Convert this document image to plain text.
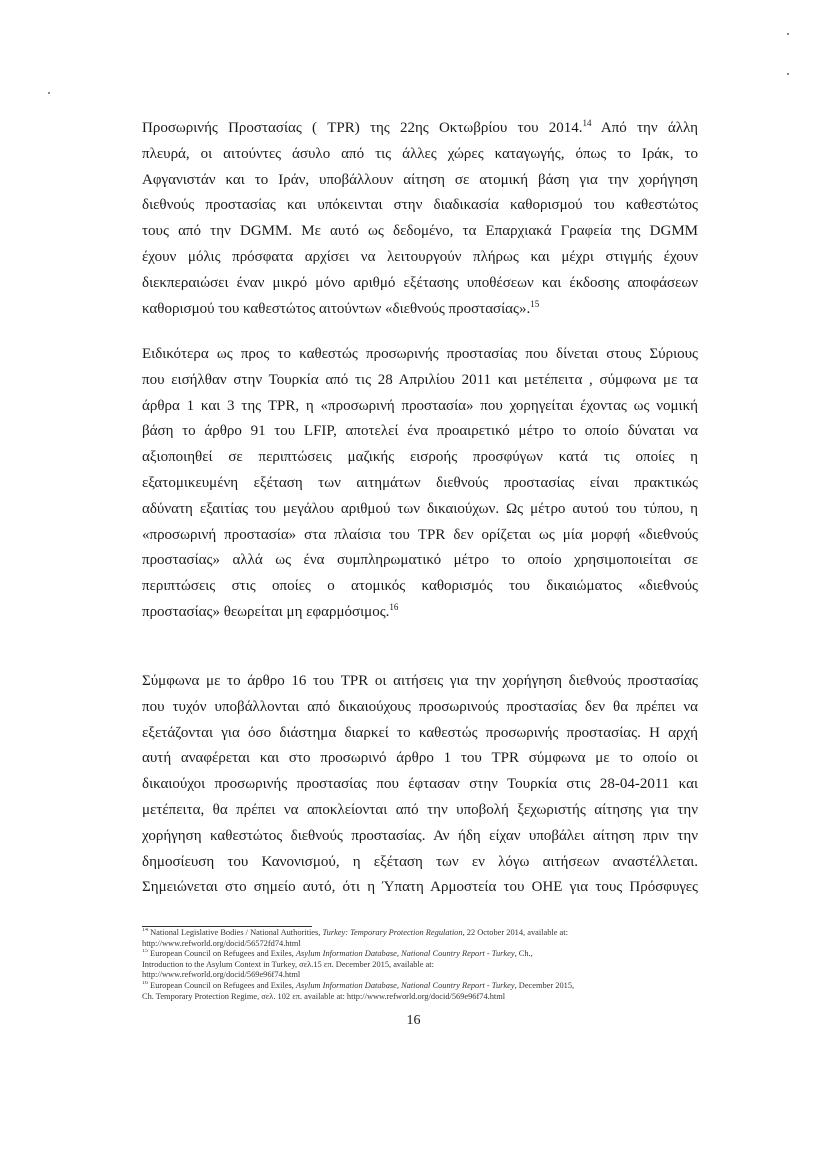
Προσωρινής Προστασίας ( TPR) της 22ης Οκτωβρίου του 2014.14 Από την άλλη
πλευρά, οι αιτούντες άσυλο από τις άλλες χώρες καταγωγής, όπως το Ιράκ, το
Αφγανιστάν και το Ιράν, υποβάλλουν αίτηση σε ατομική βάση για την χορήγηση
διεθνούς προστασίας και υπόκεινται στην διαδικασία καθορισμού του καθεστώτος
τους από την DGMM. Με αυτό ως δεδομένο, τα Επαρχιακά Γραφεία της DGMM
έχουν μόλις πρόσφατα αρχίσει να λειτουργούν πλήρως και μέχρι στιγμής έχουν
διεκπεραιώσει έναν μικρό μόνο αριθμό εξέτασης υποθέσεων και έκδοσης αποφάσεων
καθορισμού του καθεστώτος αιτούντων «διεθνούς προστασίας».$^{15}$
Ειδικότερα ως προς το καθεστώς προσωρινής προστασίας που δίνεται στους Σύριους
που εισήλθαν στην Τουρκία από τις 28 Απριλίου 2011 και μετέπειτα , σύμφωνα με τα
άρθρα 1 και 3 της TPR, η «προσωρινή προστασία» που χορηγείται έχοντας ως νομική
βάση το άρθρο 91 του LFIP, αποτελεί ένα προαιρετικό μέτρο το οποίο δύναται να
αξιοποιηθεί σε περιπτώσεις μαζικής εισροής προσφύγων κατά τις οποίες η
εξατομικευμένη εξέταση των αιτημάτων διεθνούς προστασίας είναι πρακτικώς
αδύνατη εξαιτίας του μεγάλου αριθμού των δικαιούχων. Ως μέτρο αυτού του τύπου, η
«προσωρινή προστασία» στα πλαίσια του TPR δεν ορίζεται ως μία μορφή «διεθνούς
προστασίας» αλλά ως ένα συμπληρωματικό μέτρο το οποίο χρησιμοποιείται σε
περιπτώσεις στις οποίες ο ατομικός καθορισμός του δικαιώματος «διεθνούς
προστασίας» θεωρείται μη εφαρμόσιμος.$^{16}$
Σύμφωνα με το άρθρο 16 του TPR οι αιτήσεις για την χορήγηση διεθνούς προστασίας
που τυχόν υποβάλλονται από δικαιούχους προσωρινούς προστασίας δεν θα πρέπει να
εξετάζονται για όσο διάστημα διαρκεί το καθεστώς προσωρινής προστασίας. Η αρχή
αυτή αναφέρεται και στο προσωρινό άρθρο 1 του TPR σύμφωνα με το οποίο οι
δικαιούχοι προσωρινής προστασίας που έφτασαν στην Τουρκία στις 28-04-2011 και
μετέπειτα, θα πρέπει να αποκλείονται από την υποβολή ξεχωριστής αίτησης για την
χορήγηση καθεστώτος διεθνούς προστασίας. Αν ήδη είχαν υποβάλει αίτηση πριν την
δημοσίευση του Κανονισμού, η εξέταση των εν λόγω αιτήσεων αναστέλλεται.
Σημειώνεται στο σημείο αυτό, ότι η Ύπατη Αρμοστεία του ΟΗΕ για τους Πρόσφυγες
$^{14}$ National Legislative Bodies / National Authorities, Turkey: Temporary Protection Regulation, 22 October 2014, available at:
http://www.refworld.org/docid/56572fd74.html
$^{15}$ European Council on Refugees and Exiles, Asylum Information Database, National Country Report - Turkey, Ch.,
Introduction to the Asylum Context in Turkey, σελ.15 επ. December 2015, available at:
http://www.refworld.org/docid/569e96f74.html
$^{16}$ European Council on Refugees and Exiles, Asylum Information Database, National Country Report - Turkey, December 2015,
Ch. Temporary Protection Regime, σελ. 102 επ. available at: http://www.refworld.org/docid/569e96f74.html
16
